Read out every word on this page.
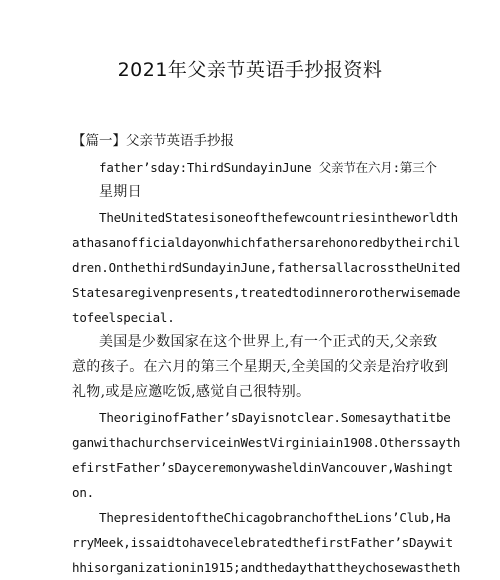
2021年父亲节英语手抄报资料
【篇一】父亲节英语手抄报
father’sday:ThirdSundayinJune 父亲节在六月:第三个
星期日
TheUnitedStatesisoneofthefewcountriesintheworldth
athasanofficialdayonwhichfathersarehonoredbytheirchil
dren.OnthethirdSundayinJune,fathersallacrosstheUnited
Statesaregivenpresents,treatedtodinnerorotherwisemade
tofeelspecial.
美国是少数国家在这个世界上,有一个正式的天,父亲致
意的孩子。在六月的第三个星期天,全美国的父亲是治疗收到
礼物,或是应邀吃饭,感觉自己很特别。
TheoriginofFather’sDayisnotclear.Somesaythatitbe
ganwithachurchserviceinWestVirginiain1908.Otherssayth
efirstFather’sDayceremonywasheldinVancouver,Washingt
on.
ThepresidentoftheChicagobranchoftheLions’Club,Ha
rryMeek,issaidtohavecelebratedthefirstFather’sDaywit
hhisorganizationin1915;andthedaythattheychosewastheth
